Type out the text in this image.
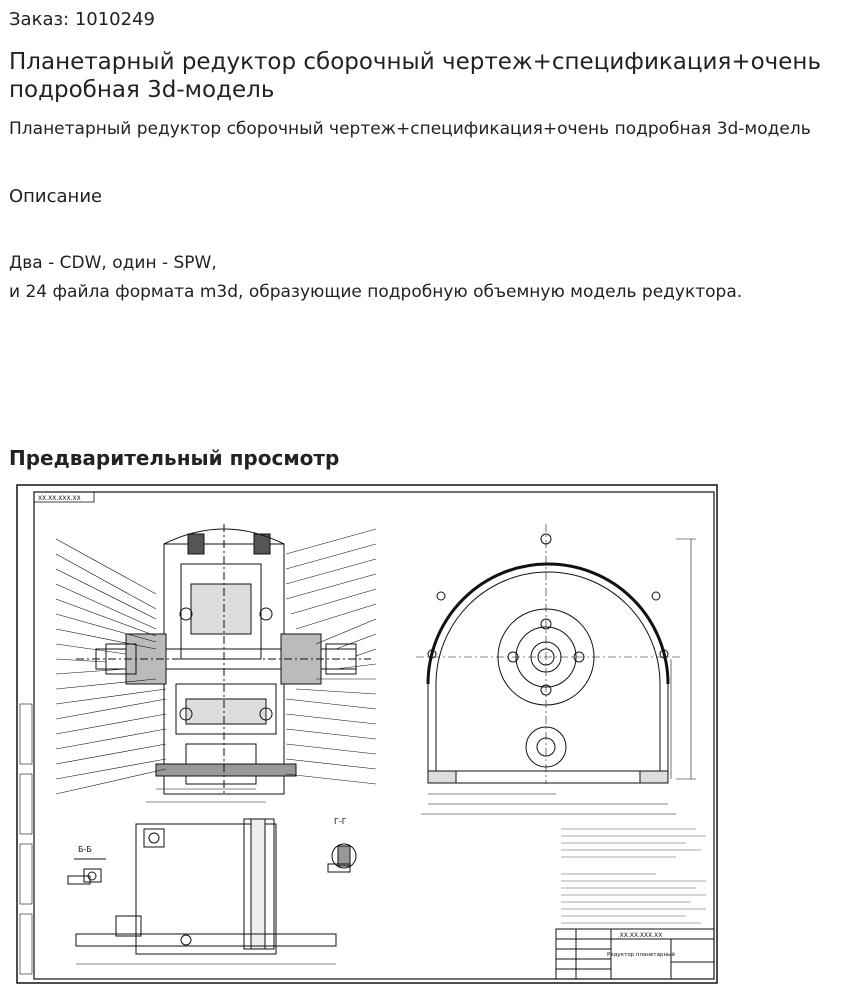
Заказ: 1010249
Планетарный редуктор сборочный чертеж+спецификация+очень подробная 3d-модель
Планетарный редуктор сборочный чертеж+спецификация+очень подробная 3d-модель
Описание
Два - CDW, один - SPW,
и 24 файла формата m3d, образующие подробную объемную модель редуктора.
Предварительный просмотр
ХХ.ХХ.ХХХ.ХХ
Редуктор планетарный
ХХ.ХХ.ХХХ.ХХ
Б-Б
Г-Г
